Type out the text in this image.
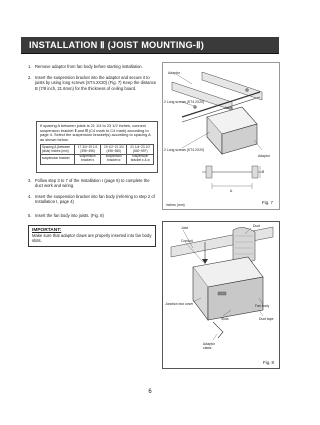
INSTALLATION Ⅱ (JOIST MOUNTING-Ⅱ)
1. Remove adaptor from fan body before starting installation.
2. Insert the suspension bracket into the adaptor and secure it to joists by using long screws (ST4.2X20) (Fig. 7) Keep the distance B (7/8 inch, 21.6mm) for the thickness of ceiling board.
If spacing A between joists is 21 1/4 to 23 1/2 inches, connect suspension bracket Ⅱ and Ⅲ (C4 mark to C4 mark) according to page 4. Select the suspension bracket(s) according to spacing A as shown below.
Spacing A (between joists) inches (mm)	17 3/4~19 1/2 (396~496)	19 1/2~21 3/4 (496~550)	21 1/4~23 1/2 (540~597)
suspension bracket	suspension bracket Ⅱ	suspension bracket Ⅲ	suspension bracket Ⅱ & Ⅲ
3. Follow step 3 to 7 of the Installation Ⅰ (page 5) to complete the duct work and wiring.
4. Insert the suspension bracket into fan body (referring to step 2 of Installation Ⅰ, page 4)
5. Insert the fan body into joists. (Fig. 8)
IMPORTANT:
Make sure that adaptor claws are properly inserted into fan body slots.
Adaptor
2 Long screws (ST4.2X20)
Joists
2 Long screws (ST4.2X20)
Adaptor
B
A
inches (mm)	Fig. 7
Joist	Duct
Conduit
Junction box cover	Fan body
Slots	Duct tape
Adaptor claws
Fig. 8
6
